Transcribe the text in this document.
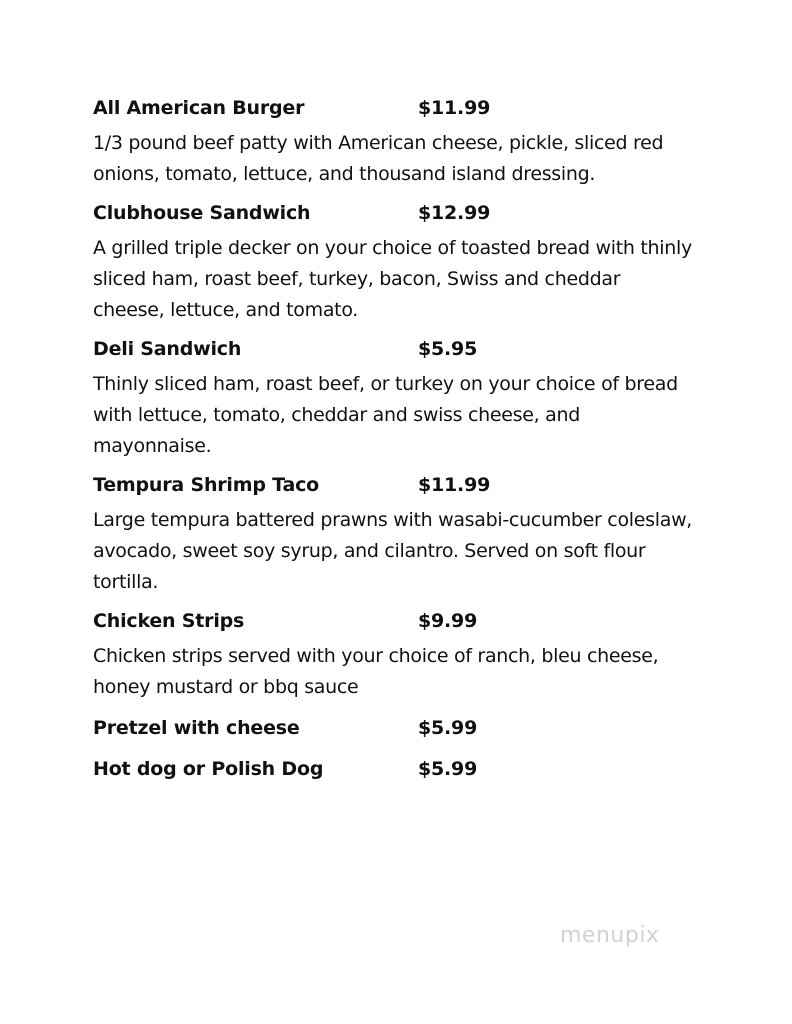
All American Burger	$11.99

1/3 pound beef patty with American cheese, pickle, sliced red onions, tomato, lettuce, and thousand island dressing.

Clubhouse Sandwich	$12.99

A grilled triple decker on your choice of toasted bread with thinly sliced ham, roast beef, turkey, bacon, Swiss and cheddar cheese, lettuce, and tomato.

Deli Sandwich	$5.95

Thinly sliced ham, roast beef, or turkey on your choice of bread with lettuce, tomato, cheddar and swiss cheese, and mayonnaise.

Tempura Shrimp Taco	$11.99

Large tempura battered prawns with wasabi-cucumber coleslaw, avocado, sweet soy syrup, and cilantro. Served on soft flour tortilla.

Chicken Strips	$9.99

Chicken strips served with your choice of ranch, bleu cheese, honey mustard or bbq sauce

Pretzel with cheese	$5.99
Hot dog or Polish Dog	$5.99
menupix
